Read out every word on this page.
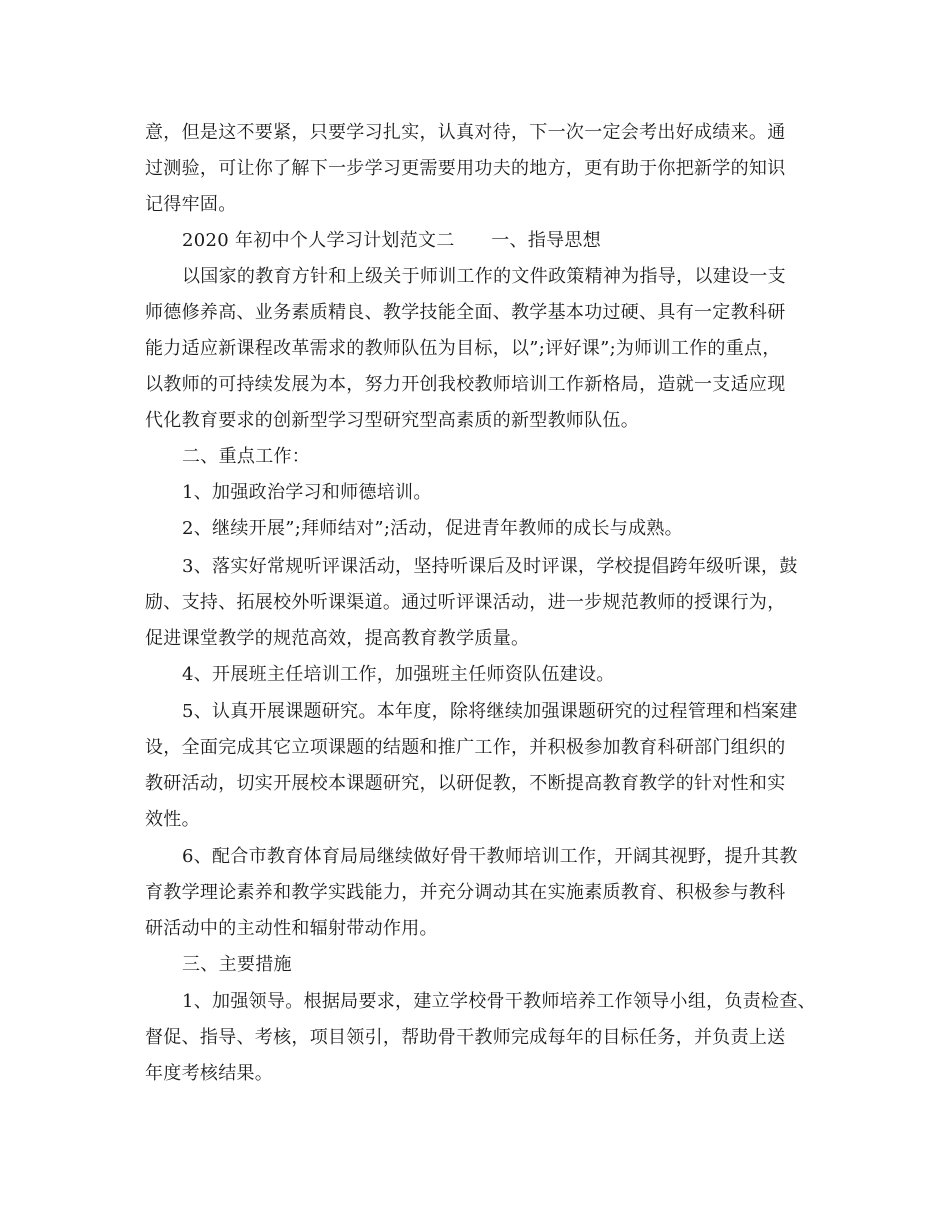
意，但是这不要紧，只要学习扎实，认真对待，下一次一定会考出好成绩来。通
过测验，可让你了解下一步学习更需要用功夫的地方，更有助于你把新学的知识
记得牢固。
2020 年初中个人学习计划范文二　　一、指导思想
以国家的教育方针和上级关于师训工作的文件政策精神为指导，以建设一支
师德修养高、业务素质精良、教学技能全面、教学基本功过硬、具有一定教科研
能力适应新课程改革需求的教师队伍为目标，以”;评好课”;为师训工作的重点，
以教师的可持续发展为本，努力开创我校教师培训工作新格局，造就一支适应现
代化教育要求的创新型学习型研究型高素质的新型教师队伍。
二、重点工作：
1、加强政治学习和师德培训。
2、继续开展”;拜师结对”;活动，促进青年教师的成长与成熟。
3、落实好常规听评课活动，坚持听课后及时评课，学校提倡跨年级听课，鼓
励、支持、拓展校外听课渠道。通过听评课活动，进一步规范教师的授课行为，
促进课堂教学的规范高效，提高教育教学质量。
4、开展班主任培训工作，加强班主任师资队伍建设。
5、认真开展课题研究。本年度，除将继续加强课题研究的过程管理和档案建
设，全面完成其它立项课题的结题和推广工作，并积极参加教育科研部门组织的
教研活动，切实开展校本课题研究，以研促教，不断提高教育教学的针对性和实
效性。
6、配合市教育体育局局继续做好骨干教师培训工作，开阔其视野，提升其教
育教学理论素养和教学实践能力，并充分调动其在实施素质教育、积极参与教科
研活动中的主动性和辐射带动作用。
三、主要措施
1、加强领导。根据局要求，建立学校骨干教师培养工作领导小组，负责检查、
督促、指导、考核，项目领引，帮助骨干教师完成每年的目标任务，并负责上送
年度考核结果。
